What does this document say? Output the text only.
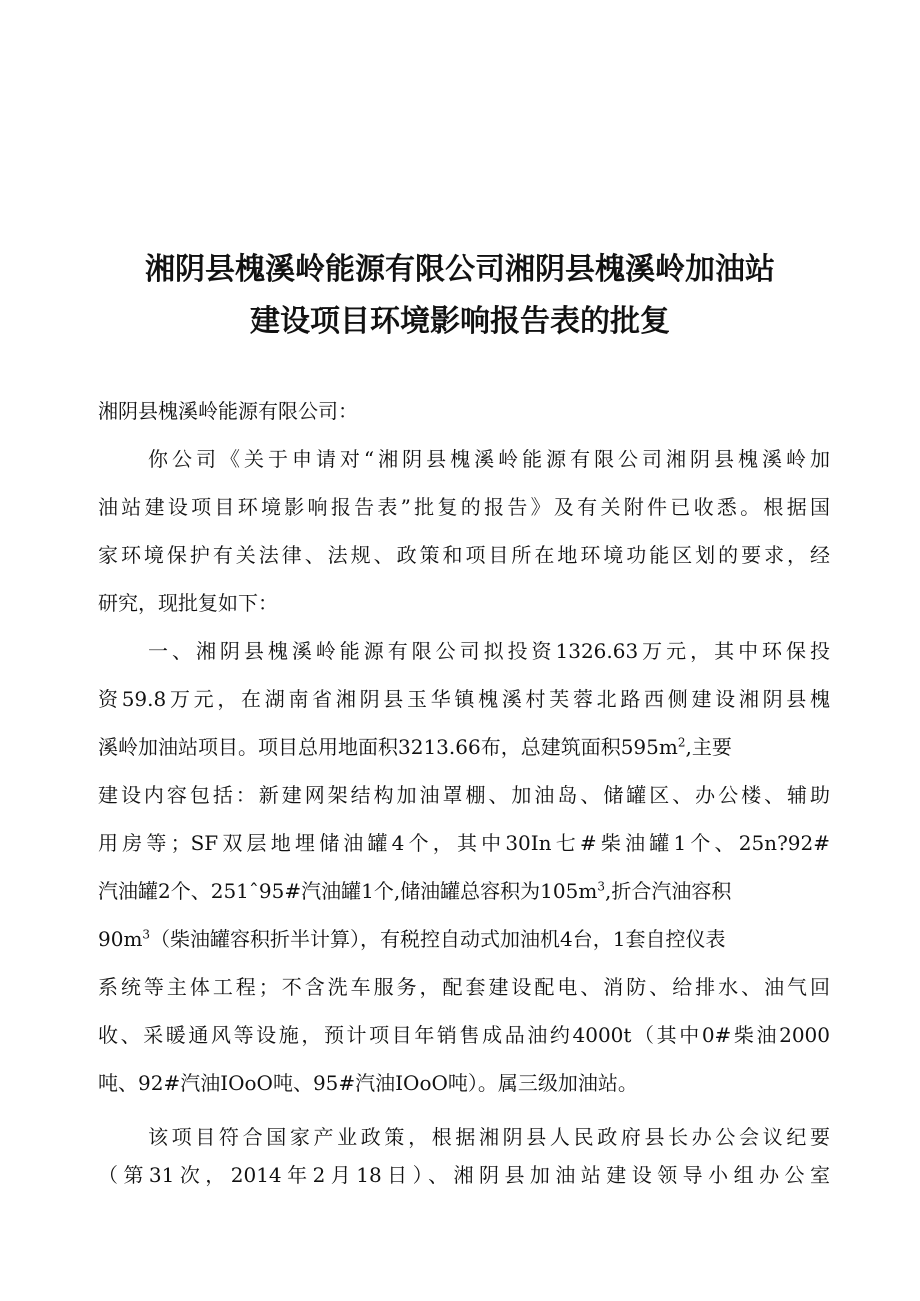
湘阴县槐溪岭能源有限公司湘阴县槐溪岭加油站
建设项目环境影响报告表的批复
湘阴县槐溪岭能源有限公司：
你公司《关于申请对“湘阴县槐溪岭能源有限公司湘阴县槐溪岭加
油站建设项目环境影响报告表”批复的报告》及有关附件已收悉。根据国
家环境保护有关法律、法规、政策和项目所在地环境功能区划的要求，经
研究，现批复如下：
一、湘阴县槐溪岭能源有限公司拟投资1326.63万元，其中环保投
资59.8万元，在湖南省湘阴县玉华镇槐溪村芙蓉北路西侧建设湘阴县槐
溪岭加油站项目。项目总用地面积3213.66布，总建筑面积$595m^2$,主要
建设内容包括：新建网架结构加油罩棚、加油岛、储罐区、办公楼、辅助
用房等；SF双层地埋储油罐4个，其中30In七#柴油罐1个、25n?92#
汽油罐2个、251ˆ95#汽油罐1个,储油罐总容积为$105m^3$,折合汽油容积
$90m^3$（柴油罐容积折半计算），有税控自动式加油机4台，1套自控仪表
系统等主体工程；不含洗车服务，配套建设配电、消防、给排水、油气回
收、采暖通风等设施，预计项目年销售成品油约4000t（其中0#柴油2000
吨、92#汽油IOoO吨、95#汽油IOoO吨）。属三级加油站。
该项目符合国家产业政策，根据湘阴县人民政府县长办公会议纪要
（第31次，2014年2月18日）、湘阴县加油站建设领导小组办公室
